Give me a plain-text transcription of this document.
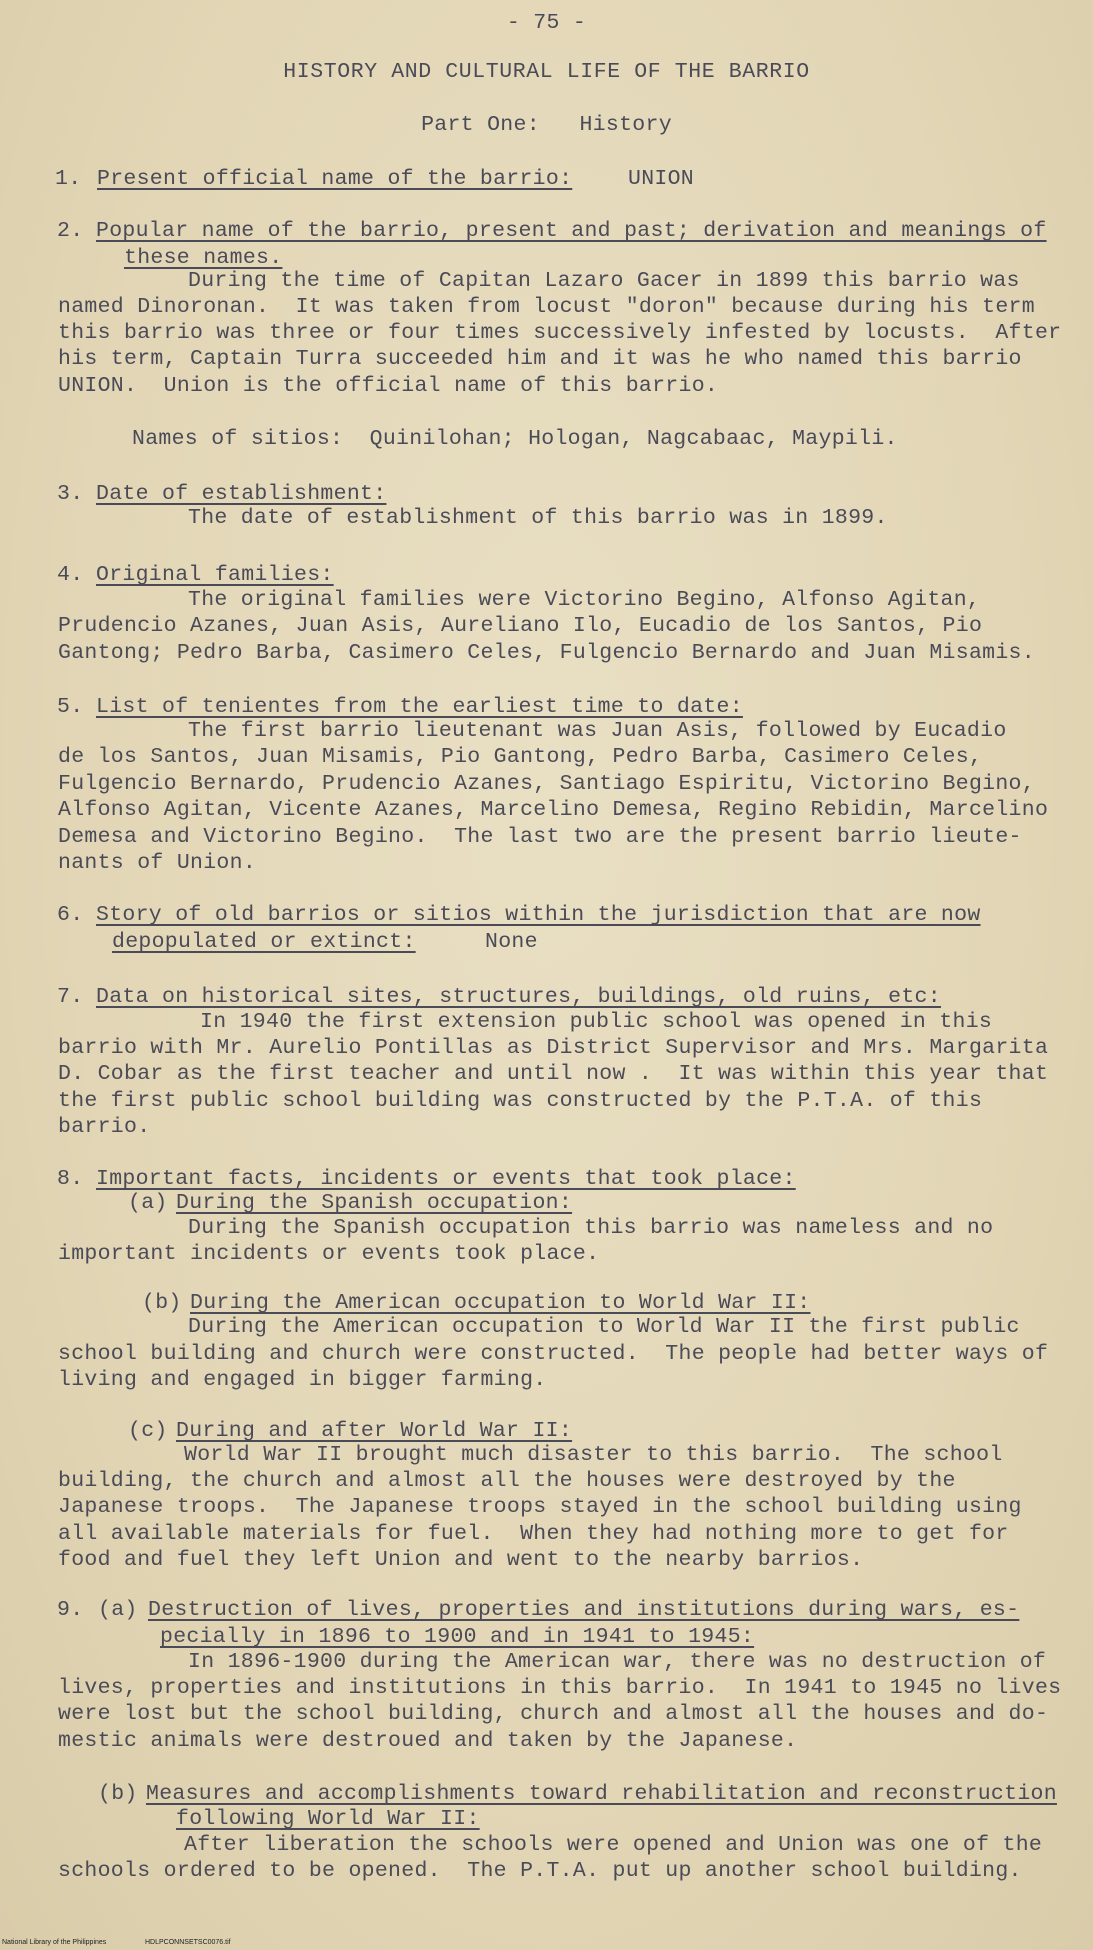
- 75 -
HISTORY AND CULTURAL LIFE OF THE BARRIO
Part One:   History
1. Present official name of the barrio:	UNION
2. Popular name of the barrio, present and past; derivation and meanings of
these names.
During the time of Capitan Lazaro Gacer in 1899 this barrio was
named Dinoronan.  It was taken from locust "doron" because during his term
this barrio was three or four times successively infested by locusts.  After
his term, Captain Turra succeeded him and it was he who named this barrio
UNION.  Union is the official name of this barrio.
Names of sitios:  Quinilohan; Hologan, Nagcabaac, Maypili.
3. Date of establishment:
The date of establishment of this barrio was in 1899.
4. Original families:
The original families were Victorino Begino, Alfonso Agitan,
Prudencio Azanes, Juan Asis, Aureliano Ilo, Eucadio de los Santos, Pio
Gantong; Pedro Barba, Casimero Celes, Fulgencio Bernardo and Juan Misamis.
5. List of tenientes from the earliest time to date:
The first barrio lieutenant was Juan Asis, followed by Eucadio
de los Santos, Juan Misamis, Pio Gantong, Pedro Barba, Casimero Celes,
Fulgencio Bernardo, Prudencio Azanes, Santiago Espiritu, Victorino Begino,
Alfonso Agitan, Vicente Azanes, Marcelino Demesa, Regino Rebidin, Marcelino
Demesa and Victorino Begino.  The last two are the present barrio lieute-
nants of Union.
6. Story of old barrios or sitios within the jurisdiction that are now
depopulated or extinct:	None
7. Data on historical sites, structures, buildings, old ruins, etc:
In 1940 the first extension public school was opened in this
barrio with Mr. Aurelio Pontillas as District Supervisor and Mrs. Margarita
D. Cobar as the first teacher and until now .  It was within this year that
the first public school building was constructed by the P.T.A. of this
barrio.
8. Important facts, incidents or events that took place:
(a) During the Spanish occupation:
During the Spanish occupation this barrio was nameless and no
important incidents or events took place.
(b) During the American occupation to World War II:
During the American occupation to World War II the first public
school building and church were constructed.  The people had better ways of
living and engaged in bigger farming.
(c) During and after World War II:
World War II brought much disaster to this barrio.  The school
building, the church and almost all the houses were destroyed by the
Japanese troops.  The Japanese troops stayed in the school building using
all available materials for fuel.  When they had nothing more to get for
food and fuel they left Union and went to the nearby barrios.
9. (a) Destruction of lives, properties and institutions during wars, es-
pecially in 1896 to 1900 and in 1941 to 1945:
In 1896-1900 during the American war, there was no destruction of
lives, properties and institutions in this barrio.  In 1941 to 1945 no lives
were lost but the school building, church and almost all the houses and do-
mestic animals were destroued and taken by the Japanese.
(b) Measures and accomplishments toward rehabilitation and reconstruction
following World War II:
After liberation the schools were opened and Union was one of the
schools ordered to be opened.  The P.T.A. put up another school building.
National Library of the Philippines	HDLPCONNSETSC0076.tif
